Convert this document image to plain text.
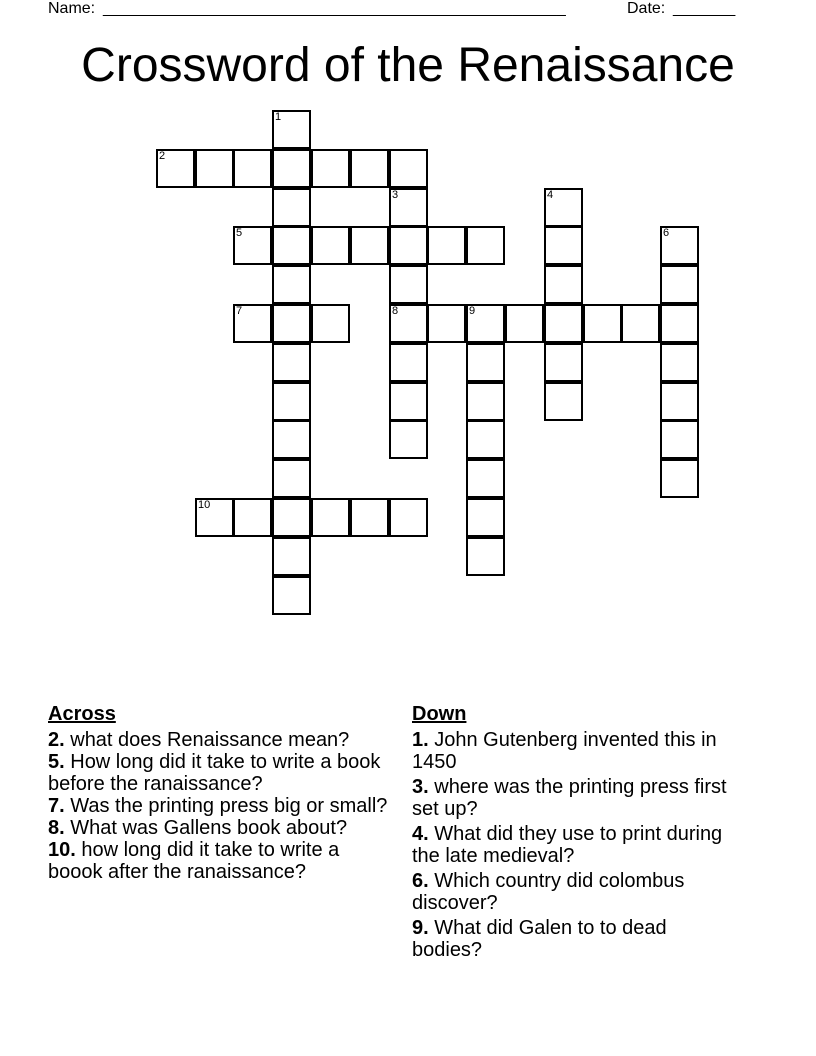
Name: ____________________________________________________	Date: _______
Crossword of the Renaissance
1
2
3	4
5	6
7	8	9
10
Across
2. what does Renaissance mean?
5. How long did it take to write a book before the ranaissance?
7. Was the printing press big or small?
8. What was Gallens book about?
10. how long did it take to write a boook after the ranaissance?
Down
1. John Gutenberg invented this in 1450
3. where was the printing press first set up?
4. What did they use to print during the late medieval?
6. Which country did colombus discover?
9. What did Galen to to dead bodies?
